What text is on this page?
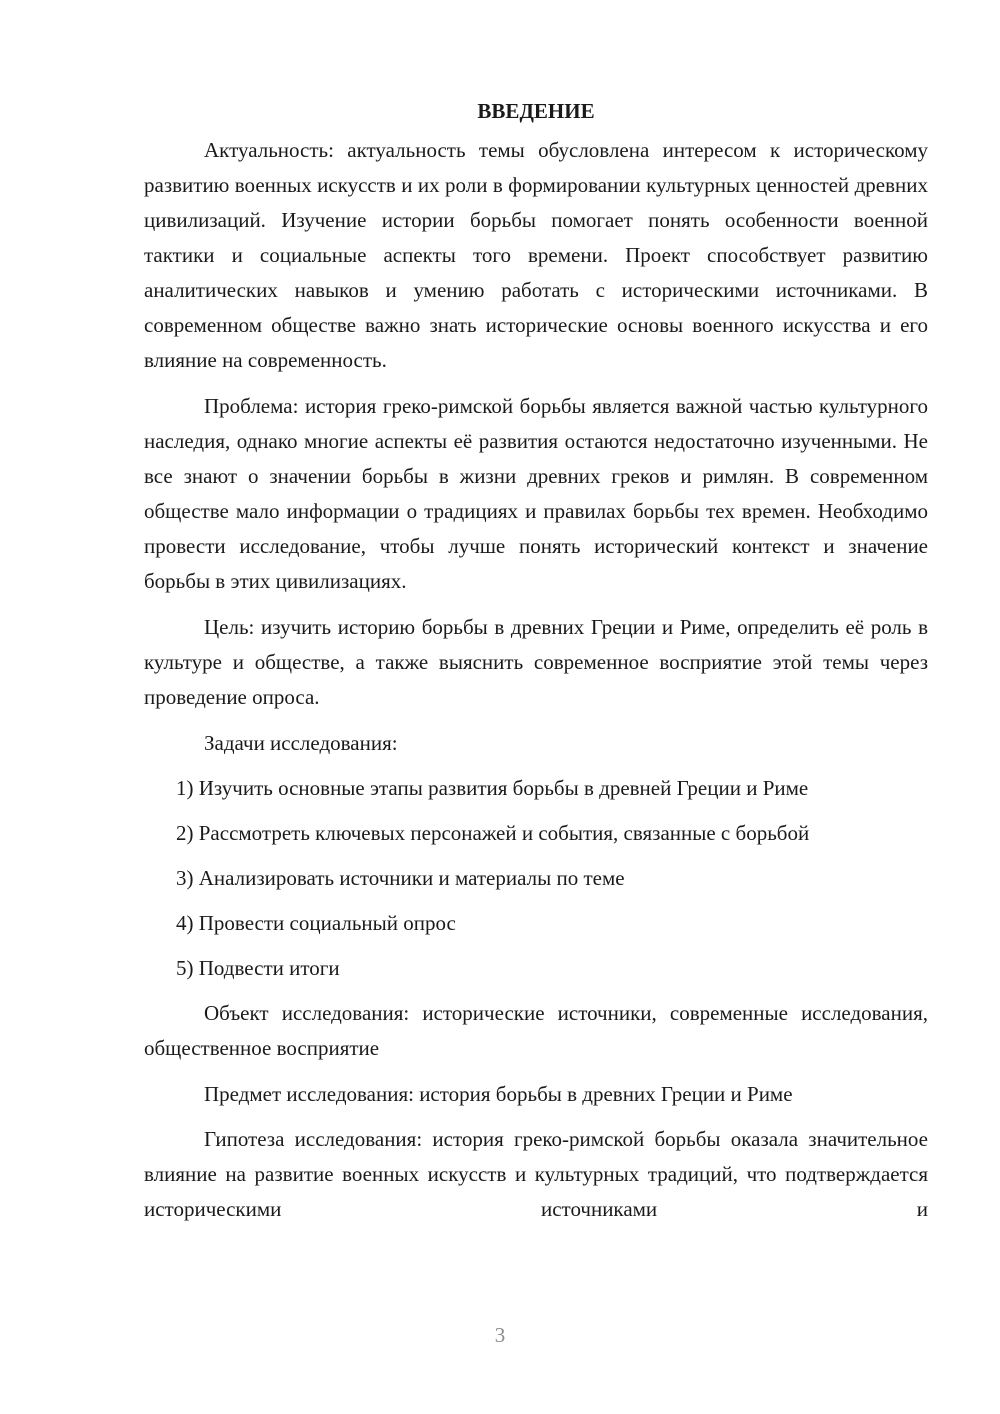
ВВЕДЕНИЕ

Актуальность: актуальность темы обусловлена интересом к историческому развитию военных искусств и их роли в формировании культурных ценностей древних цивилизаций. Изучение истории борьбы помогает понять особенности военной тактики и социальные аспекты того времени. Проект способствует развитию аналитических навыков и умению работать с историческими источниками. В современном обществе важно знать исторические основы военного искусства и его влияние на современность.

Проблема: история греко-римской борьбы является важной частью культурного наследия, однако многие аспекты её развития остаются недостаточно изученными. Не все знают о значении борьбы в жизни древних греков и римлян. В современном обществе мало информации о традициях и правилах борьбы тех времен. Необходимо провести исследование, чтобы лучше понять исторический контекст и значение борьбы в этих цивилизациях.

Цель: изучить историю борьбы в древних Греции и Риме, определить её роль в культуре и обществе, а также выяснить современное восприятие этой темы через проведение опроса.

Задачи исследования:

1) Изучить основные этапы развития борьбы в древней Греции и Риме

2) Рассмотреть ключевых персонажей и события, связанные с борьбой

3) Анализировать источники и материалы по теме

4) Провести социальный опрос

5) Подвести итоги

Объект исследования: исторические источники, современные исследования, общественное восприятие

Предмет исследования: история борьбы в древних Греции и Риме

Гипотеза исследования: история греко-римской борьбы оказала значительное влияние на развитие военных искусств и культурных традиций, что подтверждается историческими источниками и

3
